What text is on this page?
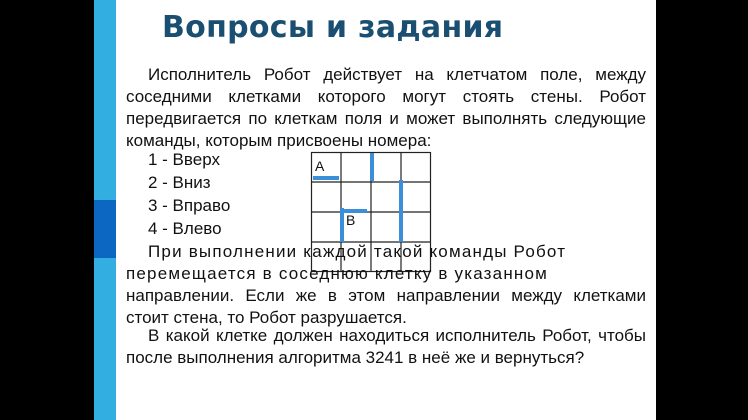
Вопросы и задания

Исполнитель Робот действует на клетчатом поле, между соседними клетками которого могут стоять стены. Робот передвигается по клеткам поля и может выполнять следующие команды, которым присвоены номера:

1 - Вверх
2 - Вниз
3 - Вправо
4 - Влево
А
В
При выполнении каждой такой команды Робот
перемещается в соседнюю клетку в указанном
направлении. Если же в этом направлении между клетками стоит стена, то Робот разрушается.

В какой клетке должен находиться исполнитель Робот, чтобы после выполнения алгоритма 3241 в неё же и вернуться?
